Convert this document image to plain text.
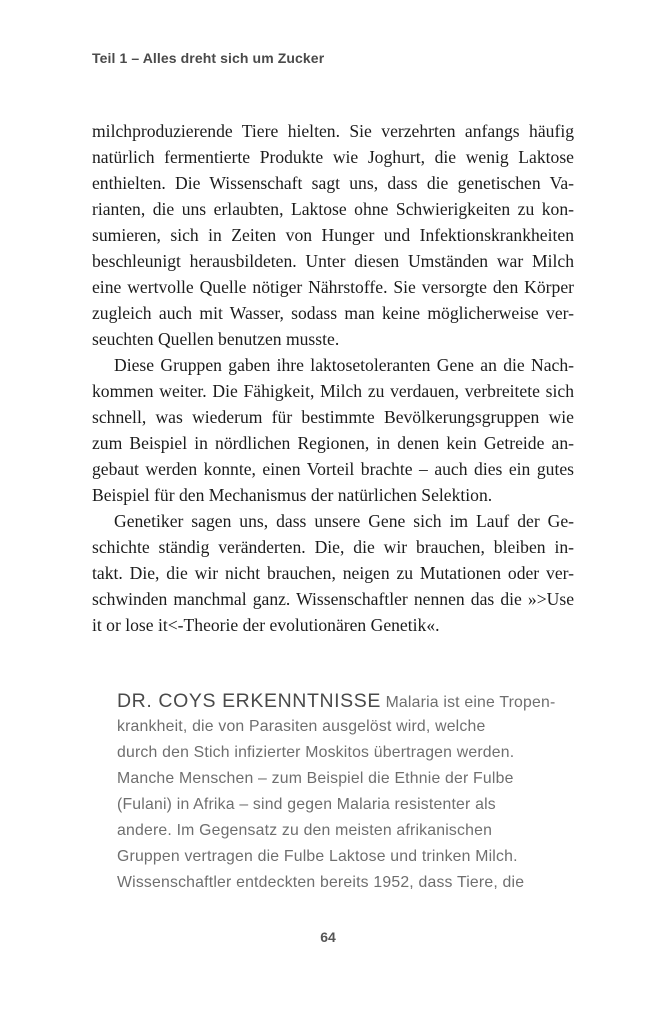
Teil 1 – Alles dreht sich um Zucker
milchproduzierende Tiere hielten. Sie verzehrten anfangs häufig
natürlich fermentierte Produkte wie Joghurt, die wenig Laktose
enthielten. Die Wissenschaft sagt uns, dass die genetischen Va-
rianten, die uns erlaubten, Laktose ohne Schwierigkeiten zu kon-
sumieren, sich in Zeiten von Hunger und Infektionskrankheiten
beschleunigt herausbildeten. Unter diesen Umständen war Milch
eine wertvolle Quelle nötiger Nährstoffe. Sie versorgte den Körper
zugleich auch mit Wasser, sodass man keine möglicherweise ver-
seuchten Quellen benutzen musste.
Diese Gruppen gaben ihre laktosetoleranten Gene an die Nach-
kommen weiter. Die Fähigkeit, Milch zu verdauen, verbreitete sich
schnell, was wiederum für bestimmte Bevölkerungsgruppen wie
zum Beispiel in nördlichen Regionen, in denen kein Getreide an-
gebaut werden konnte, einen Vorteil brachte – auch dies ein gutes
Beispiel für den Mechanismus der natürlichen Selektion.
Genetiker sagen uns, dass unsere Gene sich im Lauf der Ge-
schichte ständig veränderten. Die, die wir brauchen, bleiben in-
takt. Die, die wir nicht brauchen, neigen zu Mutationen oder ver-
schwinden manchmal ganz. Wissenschaftler nennen das die »>Use
it or lose it<-Theorie der evolutionären Genetik«.
DR. COYS ERKENNTNISSE Malaria ist eine Tropen-
krankheit, die von Parasiten ausgelöst wird, welche
durch den Stich infizierter Moskitos übertragen werden.
Manche Menschen – zum Beispiel die Ethnie der Fulbe
(Fulani) in Afrika – sind gegen Malaria resistenter als
andere. Im Gegensatz zu den meisten afrikanischen
Gruppen vertragen die Fulbe Laktose und trinken Milch.
Wissenschaftler entdeckten bereits 1952, dass Tiere, die
64
